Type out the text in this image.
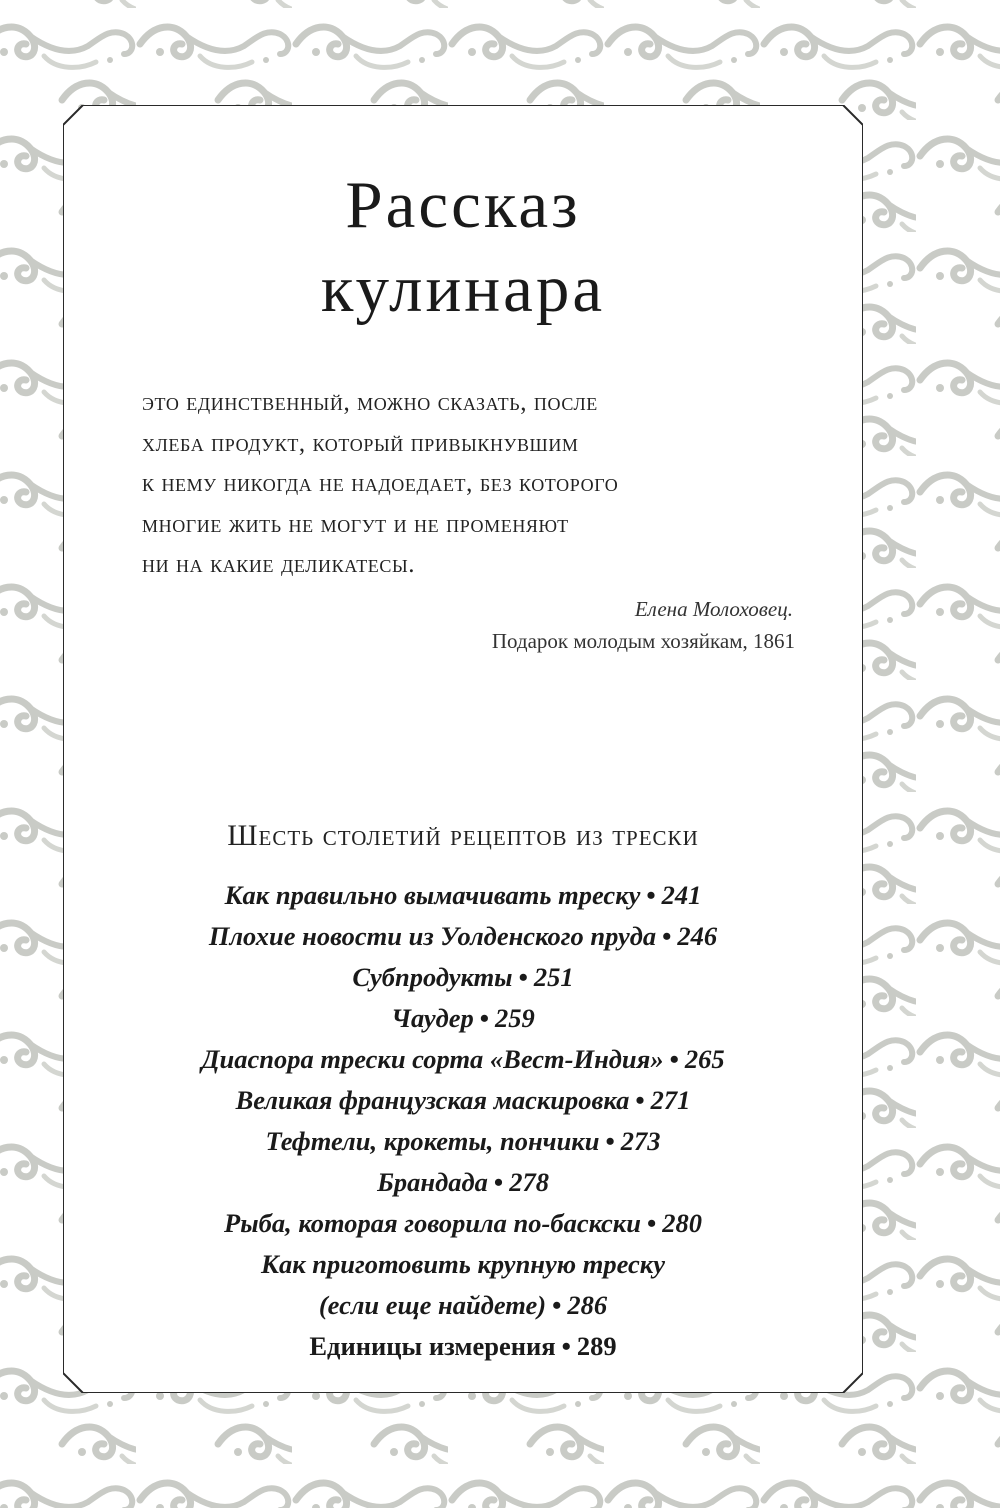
Рассказ
кулинара
это единственный, можно сказать, после
хлеба продукт, который привыкнувшим
к нему никогда не надоедает, без которого
многие жить не могут и не променяют
ни на какие деликатесы.
Елена Молоховец.
Подарок молодым хозяйкам, 1861
Шесть столетий рецептов из трески
Как правильно вымачивать треску • 241
Плохие новости из Уолденского пруда • 246
Субпродукты • 251
Чаудер • 259
Диаспора трески сорта «Вест-Индия» • 265
Великая французская маскировка • 271
Тефтели, крокеты, пончики • 273
Брандада • 278
Рыба, которая говорила по-баскски • 280
Как приготовить крупную треску
(если еще найдете) • 286
Единицы измерения • 289
